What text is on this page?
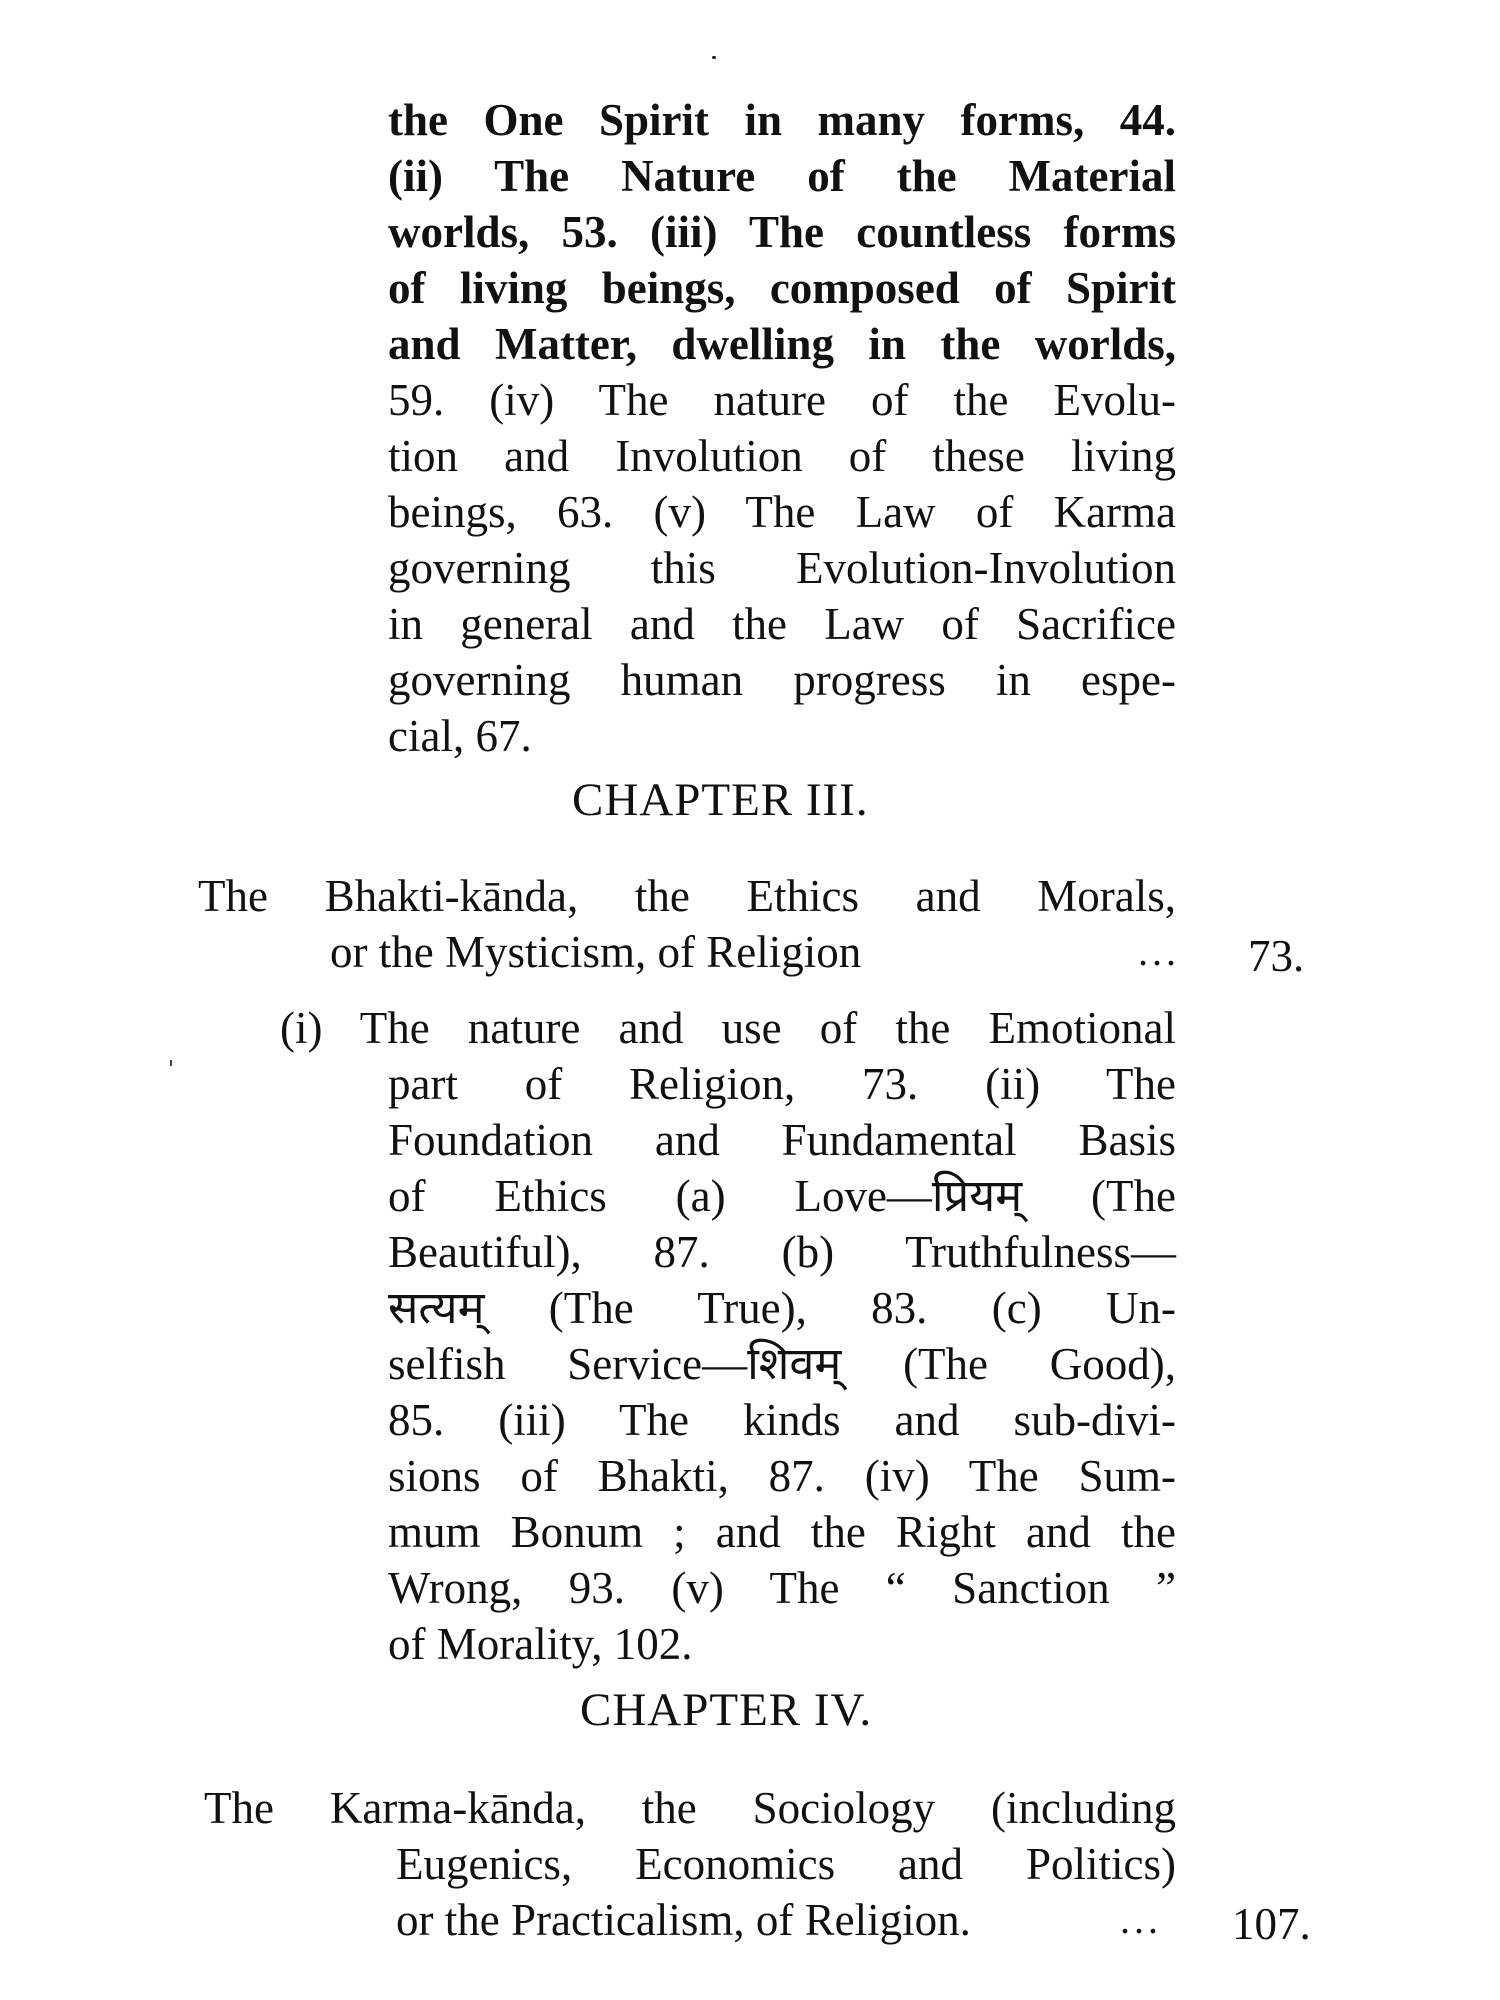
the One Spirit in many forms, 44.
(ii) The Nature of the Material
worlds, 53. (iii) The countless forms
of living beings, composed of Spirit
and Matter, dwelling in the worlds,
59. (iv) The nature of the Evolu-
tion and Involution of these living
beings, 63. (v) The Law of Karma
governing this Evolution-Involution
in general and the Law of Sacrifice
governing human progress in espe-
cial, 67.
CHAPTER III.
The Bhakti-kānda, the Ethics and Morals,
or the Mysticism, of Religion	... 73.
(i) The nature and use of the Emotional
part of Religion, 73. (ii) The
Foundation and Fundamental Basis
of Ethics (a) Love—प्रियम् (The
Beautiful), 87. (b) Truthfulness—
सत्यम् (The True), 83. (c) Un-
selfish Service—शिवम् (The Good),
85. (iii) The kinds and sub-divi-
sions of Bhakti, 87. (iv) The Sum-
mum Bonum ; and the Right and the
Wrong, 93. (v) The “ Sanction ”
of Morality, 102.
CHAPTER IV.
The Karma-kānda, the Sociology (including
Eugenics, Economics and Politics)
or the Practicalism, of Religion.	... 107.
